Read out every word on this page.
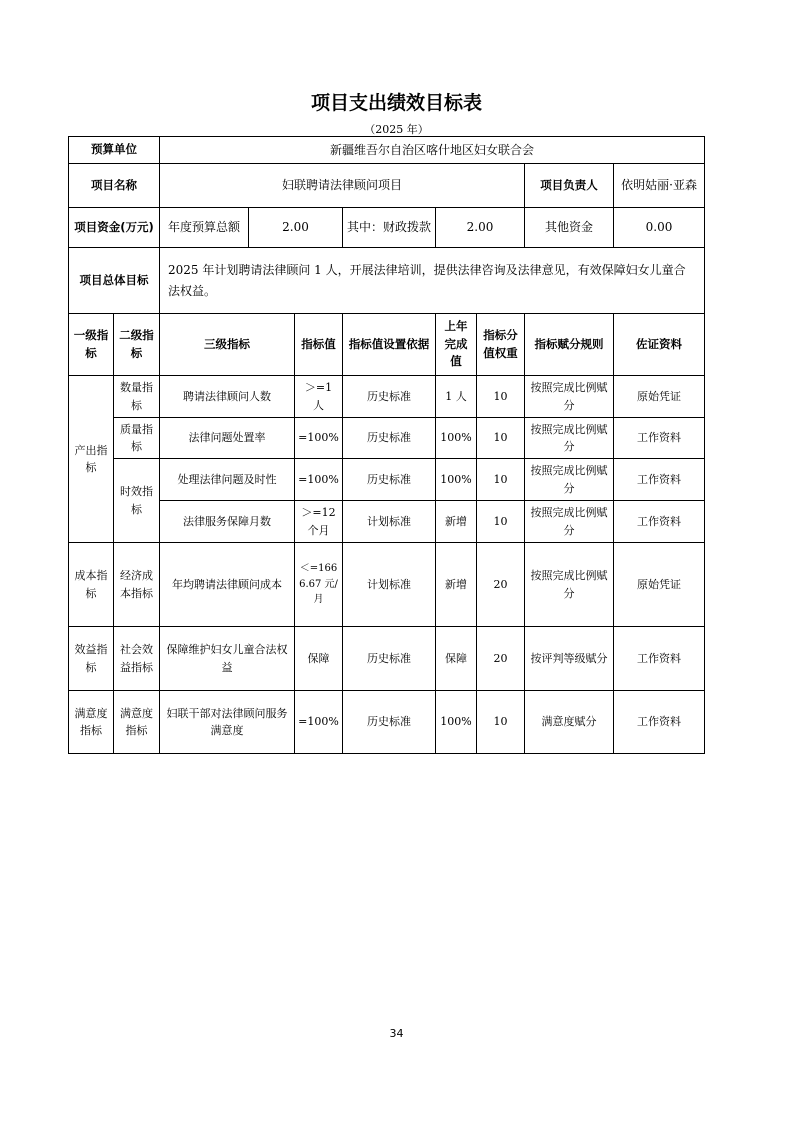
项目支出绩效目标表
（2025 年）
预算单位		新疆维吾尔自治区喀什地区妇女联合会							
项目名称		妇联聘请法律顾问项目						项目负责人	依明姑丽·亚森
项目资金(万元)		年度预算总额	2.00		其中：财政拨款	2.00		其他资金	0.00
项目总体目标		2025 年计划聘请法律顾问 1 人，开展法律培训，提供法律咨询及法律意见，有效保障妇女儿童合法权益。							
一级指标	二级指标	三级指标		指标值	指标值设置依据	上年完成值	指标分值权重	指标赋分规则	佐证资料
产出指标	数量指标	聘请法律顾问人数		＞=1 人	历史标准	1 人	10	按照完成比例赋分	原始凭证
	质量指标	法律问题处置率		=100%	历史标准	100%	10	按照完成比例赋分	工作资料
	时效指标	处理法律问题及时性		=100%	历史标准	100%	10	按照完成比例赋分	工作资料
		法律服务保障月数		＞=12 个月	计划标准	新增	10	按照完成比例赋分	工作资料
成本指标	经济成本指标	年均聘请法律顾问成本		＜=1666.67 元/月	计划标准	新增	20	按照完成比例赋分	原始凭证
效益指标	社会效益指标	保障维护妇女儿童合法权益		保障	历史标准	保障	20	按评判等级赋分	工作资料
满意度指标	满意度指标	妇联干部对法律顾问服务满意度		=100%	历史标准	100%	10	满意度赋分	工作资料
34
